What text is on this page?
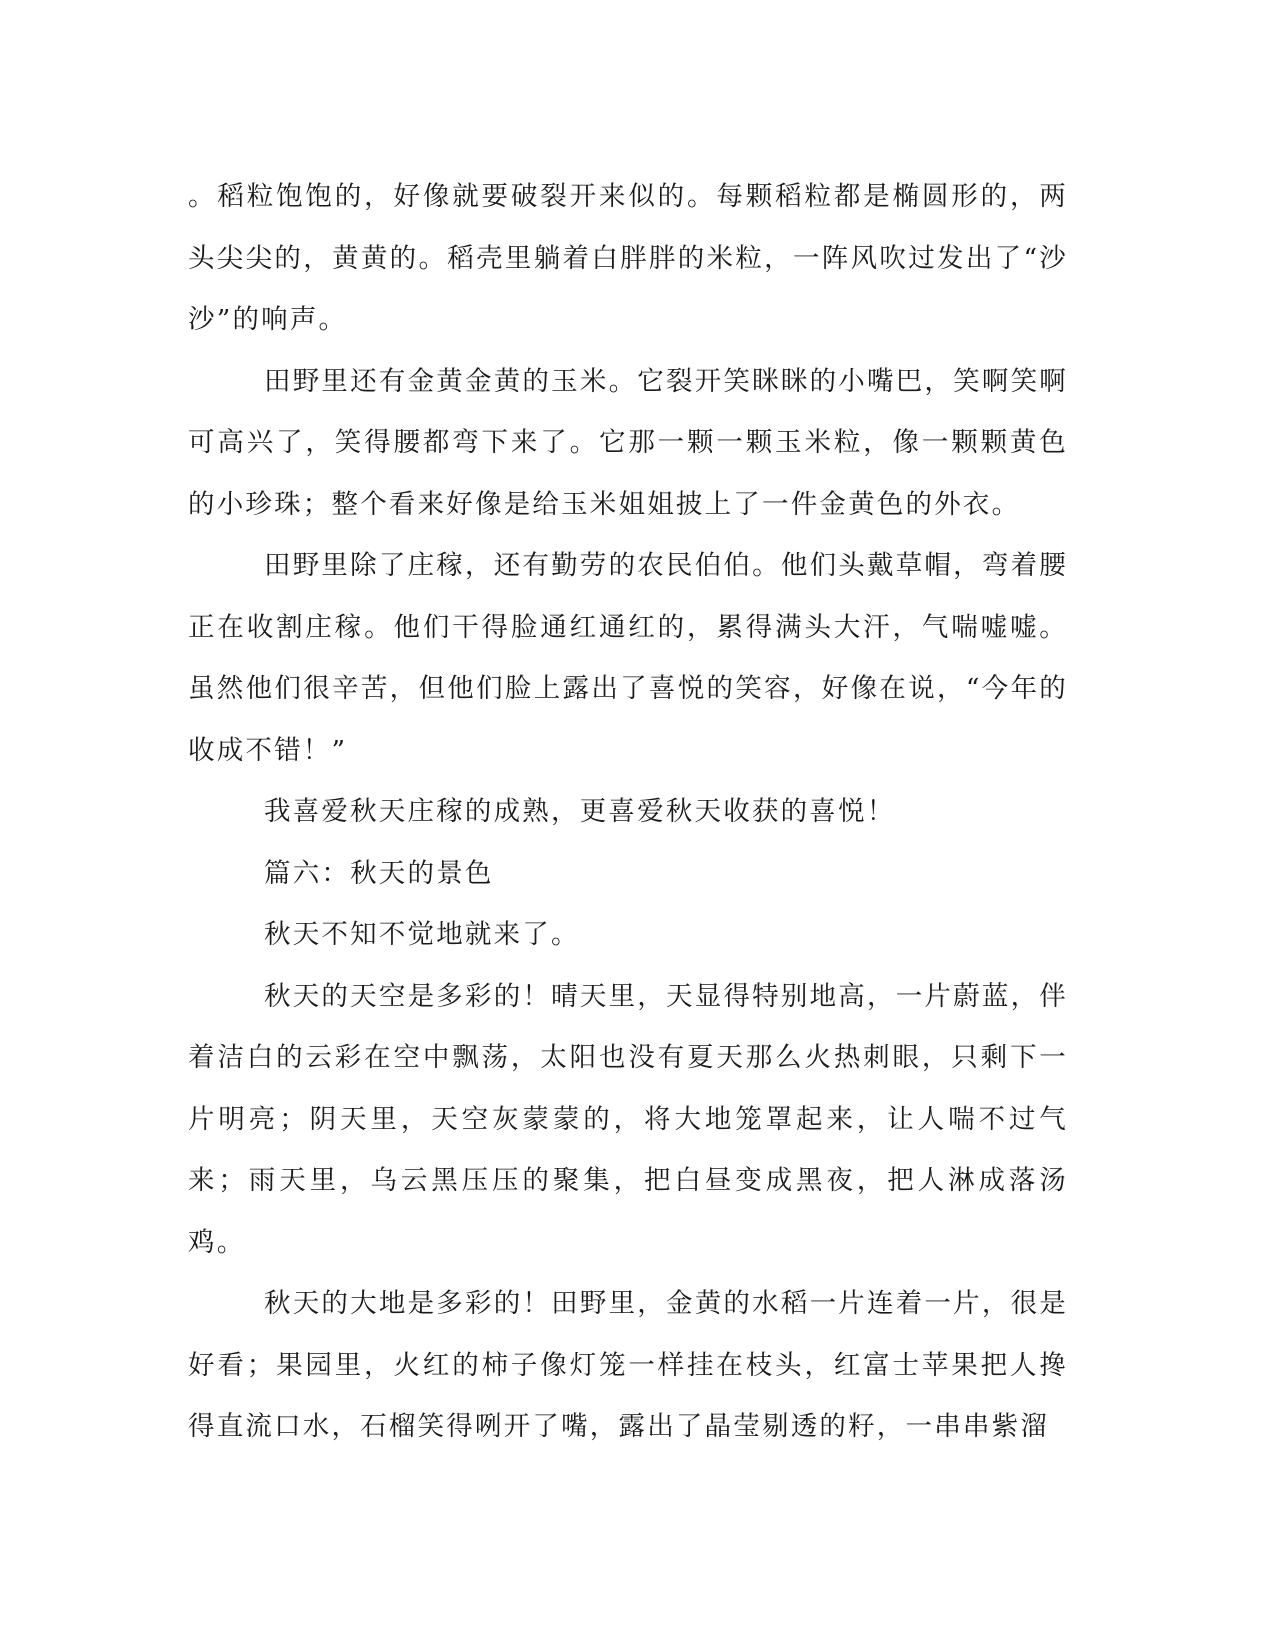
。稻粒饱饱的，好像就要破裂开来似的。每颗稻粒都是椭圆形的，两头尖尖的，黄黄的。稻壳里躺着白胖胖的米粒，一阵风吹过发出了“沙沙”的响声。

田野里还有金黄金黄的玉米。它裂开笑眯眯的小嘴巴，笑啊笑啊可高兴了，笑得腰都弯下来了。它那一颗一颗玉米粒，像一颗颗黄色的小珍珠；整个看来好像是给玉米姐姐披上了一件金黄色的外衣。

田野里除了庄稼，还有勤劳的农民伯伯。他们头戴草帽，弯着腰正在收割庄稼。他们干得脸通红通红的，累得满头大汗，气喘嘘嘘。虽然他们很辛苦，但他们脸上露出了喜悦的笑容，好像在说，“今年的收成不错！”

我喜爱秋天庄稼的成熟，更喜爱秋天收获的喜悦！

篇六：秋天的景色

秋天不知不觉地就来了。

秋天的天空是多彩的！晴天里，天显得特别地高，一片蔚蓝，伴着洁白的云彩在空中飘荡，太阳也没有夏天那么火热刺眼，只剩下一片明亮；阴天里，天空灰蒙蒙的，将大地笼罩起来，让人喘不过气来；雨天里，乌云黑压压的聚集，把白昼变成黑夜，把人淋成落汤鸡。

秋天的大地是多彩的！田野里，金黄的水稻一片连着一片，很是好看；果园里，火红的柿子像灯笼一样挂在枝头，红富士苹果把人搀得直流口水，石榴笑得咧开了嘴，露出了晶莹剔透的籽，一串串紫溜
